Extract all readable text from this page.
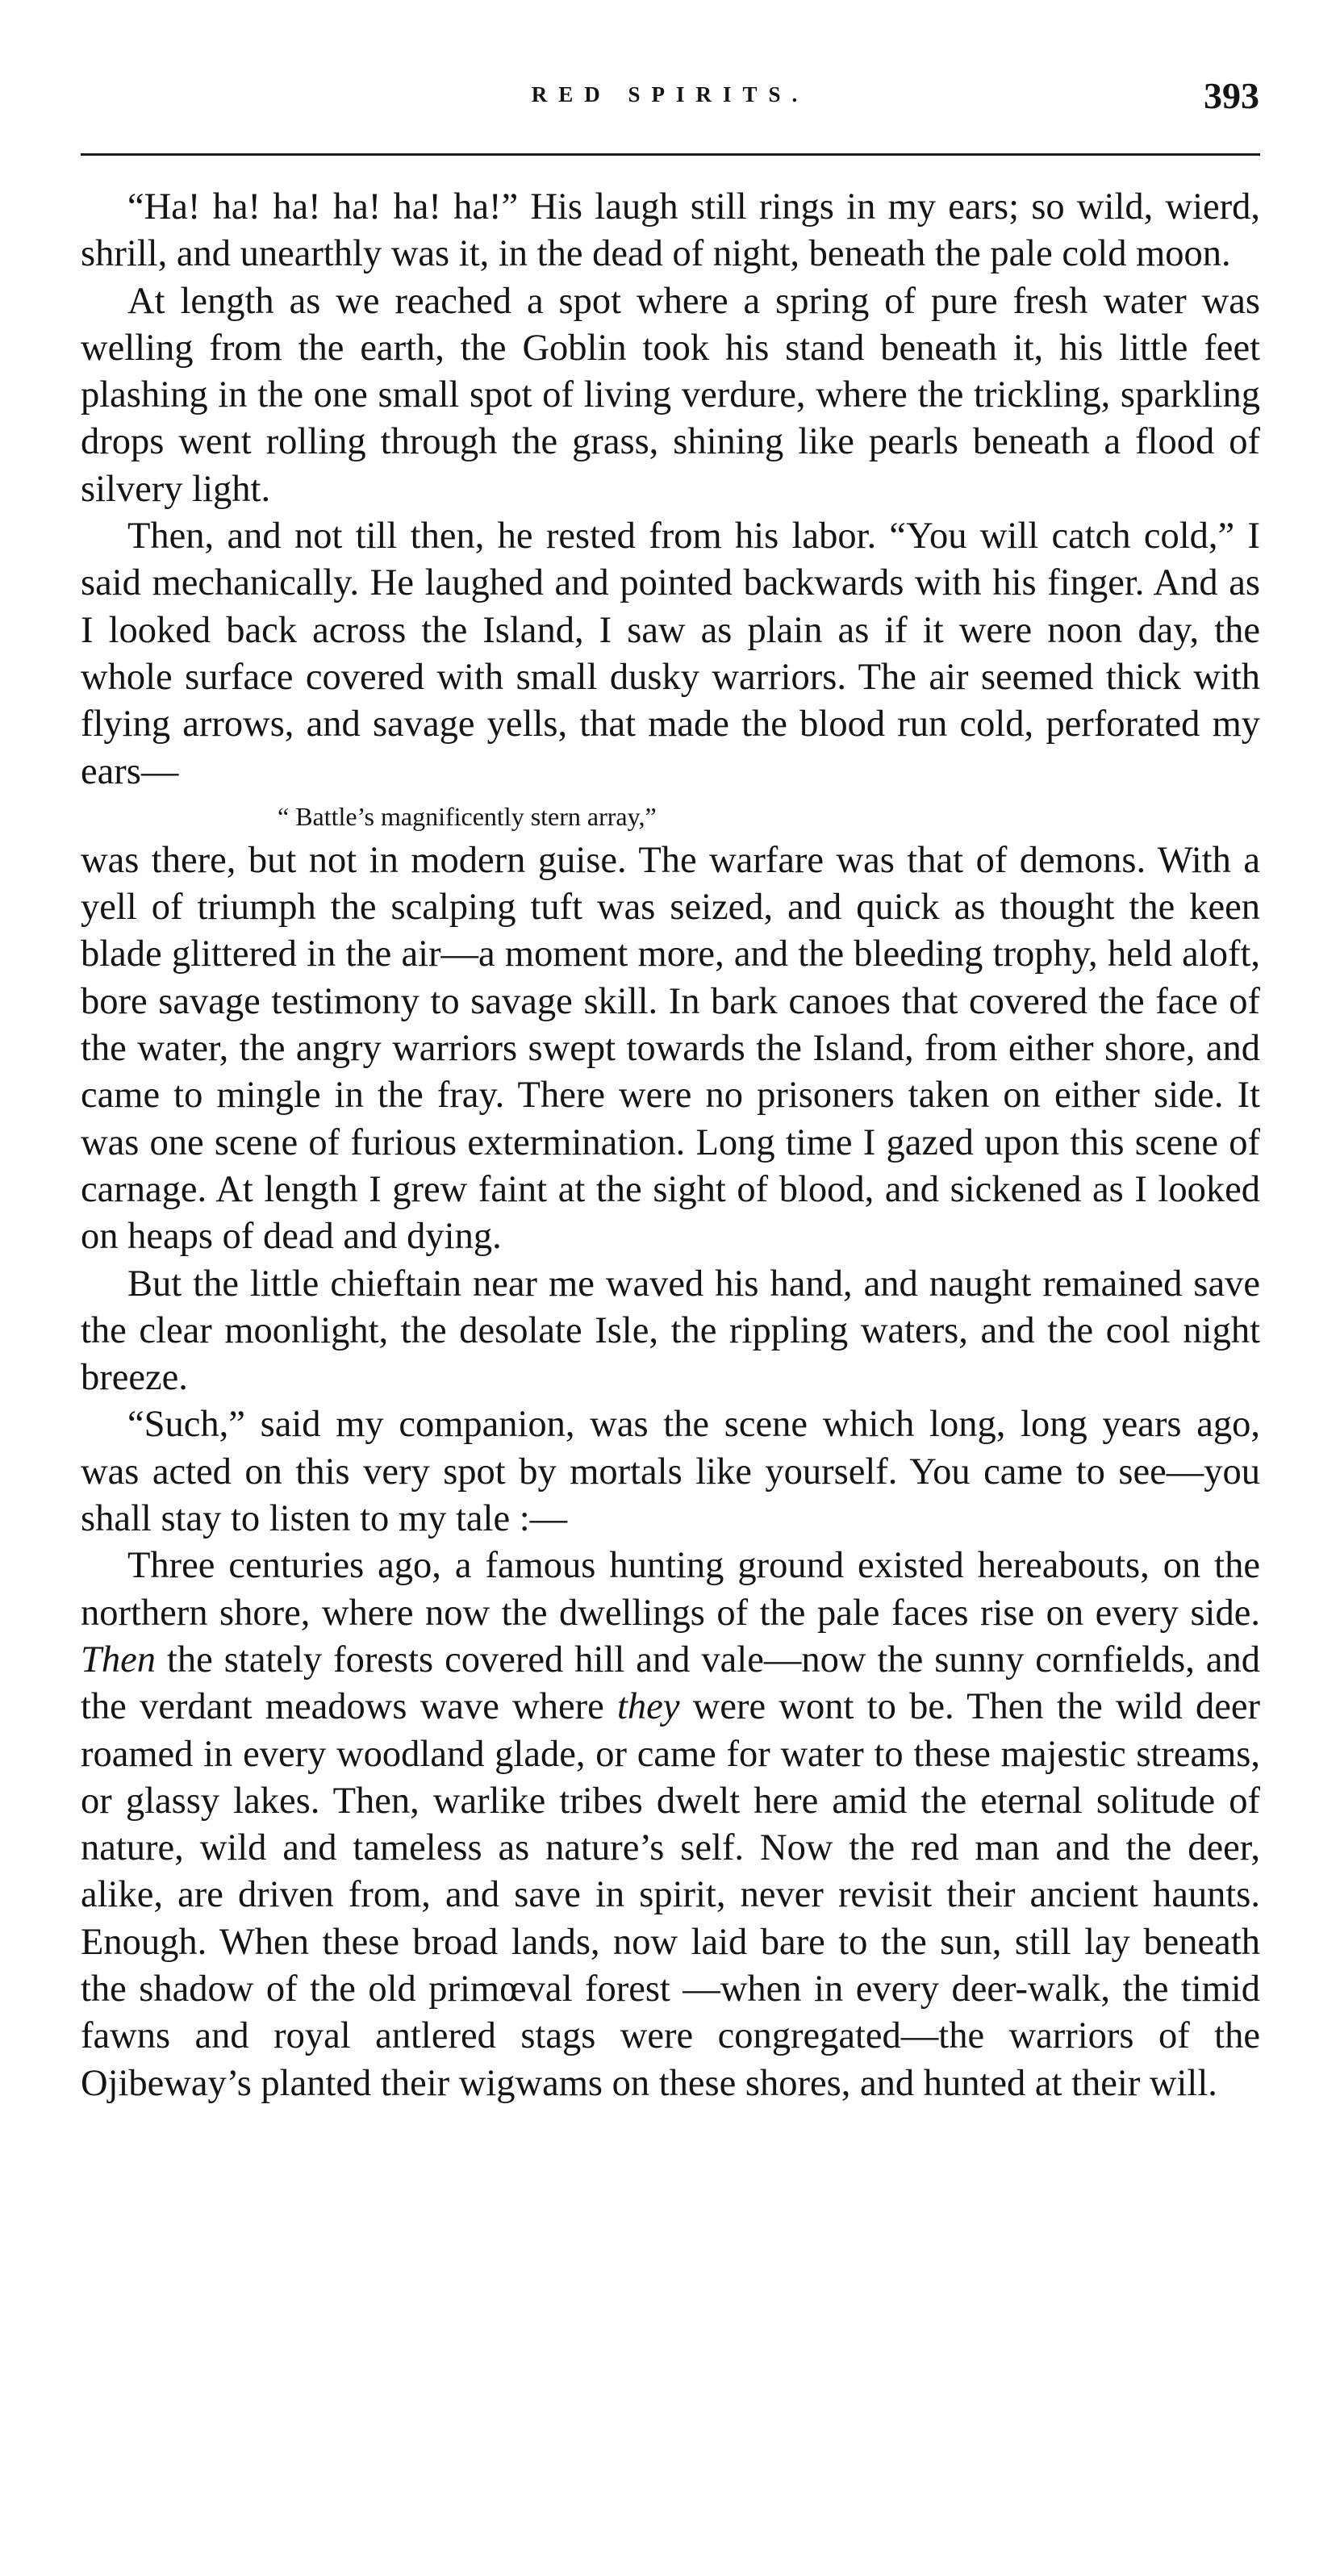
RED SPIRITS.	393

“Ha! ha! ha! ha! ha! ha!” His laugh still rings in my ears; so wild, wierd, shrill, and unearthly was it, in the dead of night, beneath the pale cold moon.

At length as we reached a spot where a spring of pure fresh water was welling from the earth, the Goblin took his stand beneath it, his little feet plashing in the one small spot of living verdure, where the trickling, sparkling drops went rolling through the grass, shining like pearls beneath a flood of silvery light.

Then, and not till then, he rested from his labor. “You will catch cold,” I said mechanically. He laughed and pointed backwards with his finger. And as I looked back across the Island, I saw as plain as if it were noon day, the whole surface covered with small dusky warriors. The air seemed thick with flying arrows, and savage yells, that made the blood run cold, perforated my ears—

“ Battle’s magnificently stern array,”

was there, but not in modern guise. The warfare was that of demons. With a yell of triumph the scalping tuft was seized, and quick as thought the keen blade glittered in the air—a moment more, and the bleeding trophy, held aloft, bore savage testimony to savage skill. In bark canoes that covered the face of the water, the angry warriors swept towards the Island, from either shore, and came to mingle in the fray. There were no prisoners taken on either side. It was one scene of furious extermination. Long time I gazed upon this scene of carnage. At length I grew faint at the sight of blood, and sickened as I looked on heaps of dead and dying.

But the little chieftain near me waved his hand, and naught remained save the clear moonlight, the desolate Isle, the rippling waters, and the cool night breeze.

“Such,” said my companion, was the scene which long, long years ago, was acted on this very spot by mortals like yourself. You came to see—you shall stay to listen to my tale :—

Three centuries ago, a famous hunting ground existed hereabouts, on the northern shore, where now the dwellings of the pale faces rise on every side. Then the stately forests covered hill and vale—now the sunny cornfields, and the verdant meadows wave where they were wont to be. Then the wild deer roamed in every woodland glade, or came for water to these majestic streams, or glassy lakes. Then, warlike tribes dwelt here amid the eternal solitude of nature, wild and tameless as nature’s self. Now the red man and the deer, alike, are driven from, and save in spirit, never revisit their ancient haunts. Enough. When these broad lands, now laid bare to the sun, still lay beneath the shadow of the old primœval forest —when in every deer-walk, the timid fawns and royal antlered stags were congregated—the warriors of the Ojibeway’s planted their wigwams on these shores, and hunted at their will.
